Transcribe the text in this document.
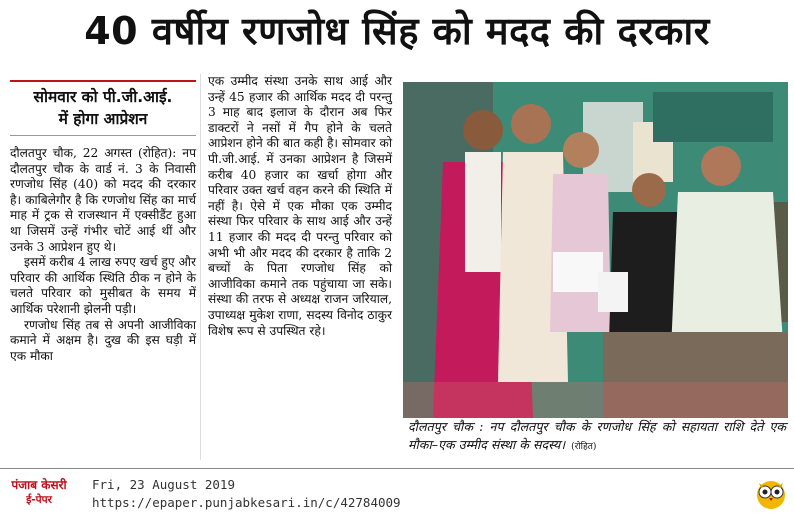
40 वर्षीय रणजोध सिंह को मदद की दरकार
सोमवार को पी.जी.आई.
में होगा आप्रेशन

दौलतपुर चौक, 22 अगस्त (रोहित): नप दौलतपुर चौक के वार्ड नं. 3 के निवासी रणजोध सिंह (40) को मदद की दरकार है। काबिलेगौर है कि रणजोध सिंह का मार्च माह में ट्रक से राजस्थान में एक्सीडैंट हुआ था जिसमें उन्हें गंभीर चोटें आई थीं और उनके 3 आप्रेशन हुए थे।

इसमें करीब 4 लाख रुपए खर्च हुए और परिवार की आर्थिक स्थिति ठीक न होने के चलते परिवार को मुसीबत के समय में आर्थिक परेशानी झेलनी पड़ी।

रणजोध सिंह तब से अपनी आजीविका कमाने में अक्षम है। दुख की इस घड़ी में एक मौका

एक उम्मीद संस्था उनके साथ आई और उन्हें 45 हजार की आर्थिक मदद दी परन्तु 3 माह बाद इलाज के दौरान अब फिर डाक्टरों ने नसों में गैप होने के चलते आप्रेशन होने की बात कही है। सोमवार को पी.जी.आई. में उनका आप्रेशन है जिसमें करीब 40 हजार का खर्चा होगा और परिवार उक्त खर्च वहन करने की स्थिति में नहीं है। ऐसे में एक मौका एक उम्मीद संस्था फिर परिवार के साथ आई और उन्हें 11 हजार की मदद दी परन्तु परिवार को अभी भी और मदद की दरकार है ताकि 2 बच्चों के पिता रणजोध सिंह को आजीविका कमाने तक पहुंचाया जा सके। संस्था की तरफ से अध्यक्ष राजन जरियाल, उपाध्यक्ष मुकेश राणा, सदस्य विनोद ठाकुर विशेष रूप से उपस्थित रहे।

दौलतपुर चौक : नप दौलतपुर चौक के रणजोध सिंह को सहायता राशि देते एक मौका–एक उम्मीद संस्था के सदस्य। (रोहित)
पंजाब केसरी
ई-पेपर
Fri, 23 August 2019
https://epaper.punjabkesari.in/c/42784009
